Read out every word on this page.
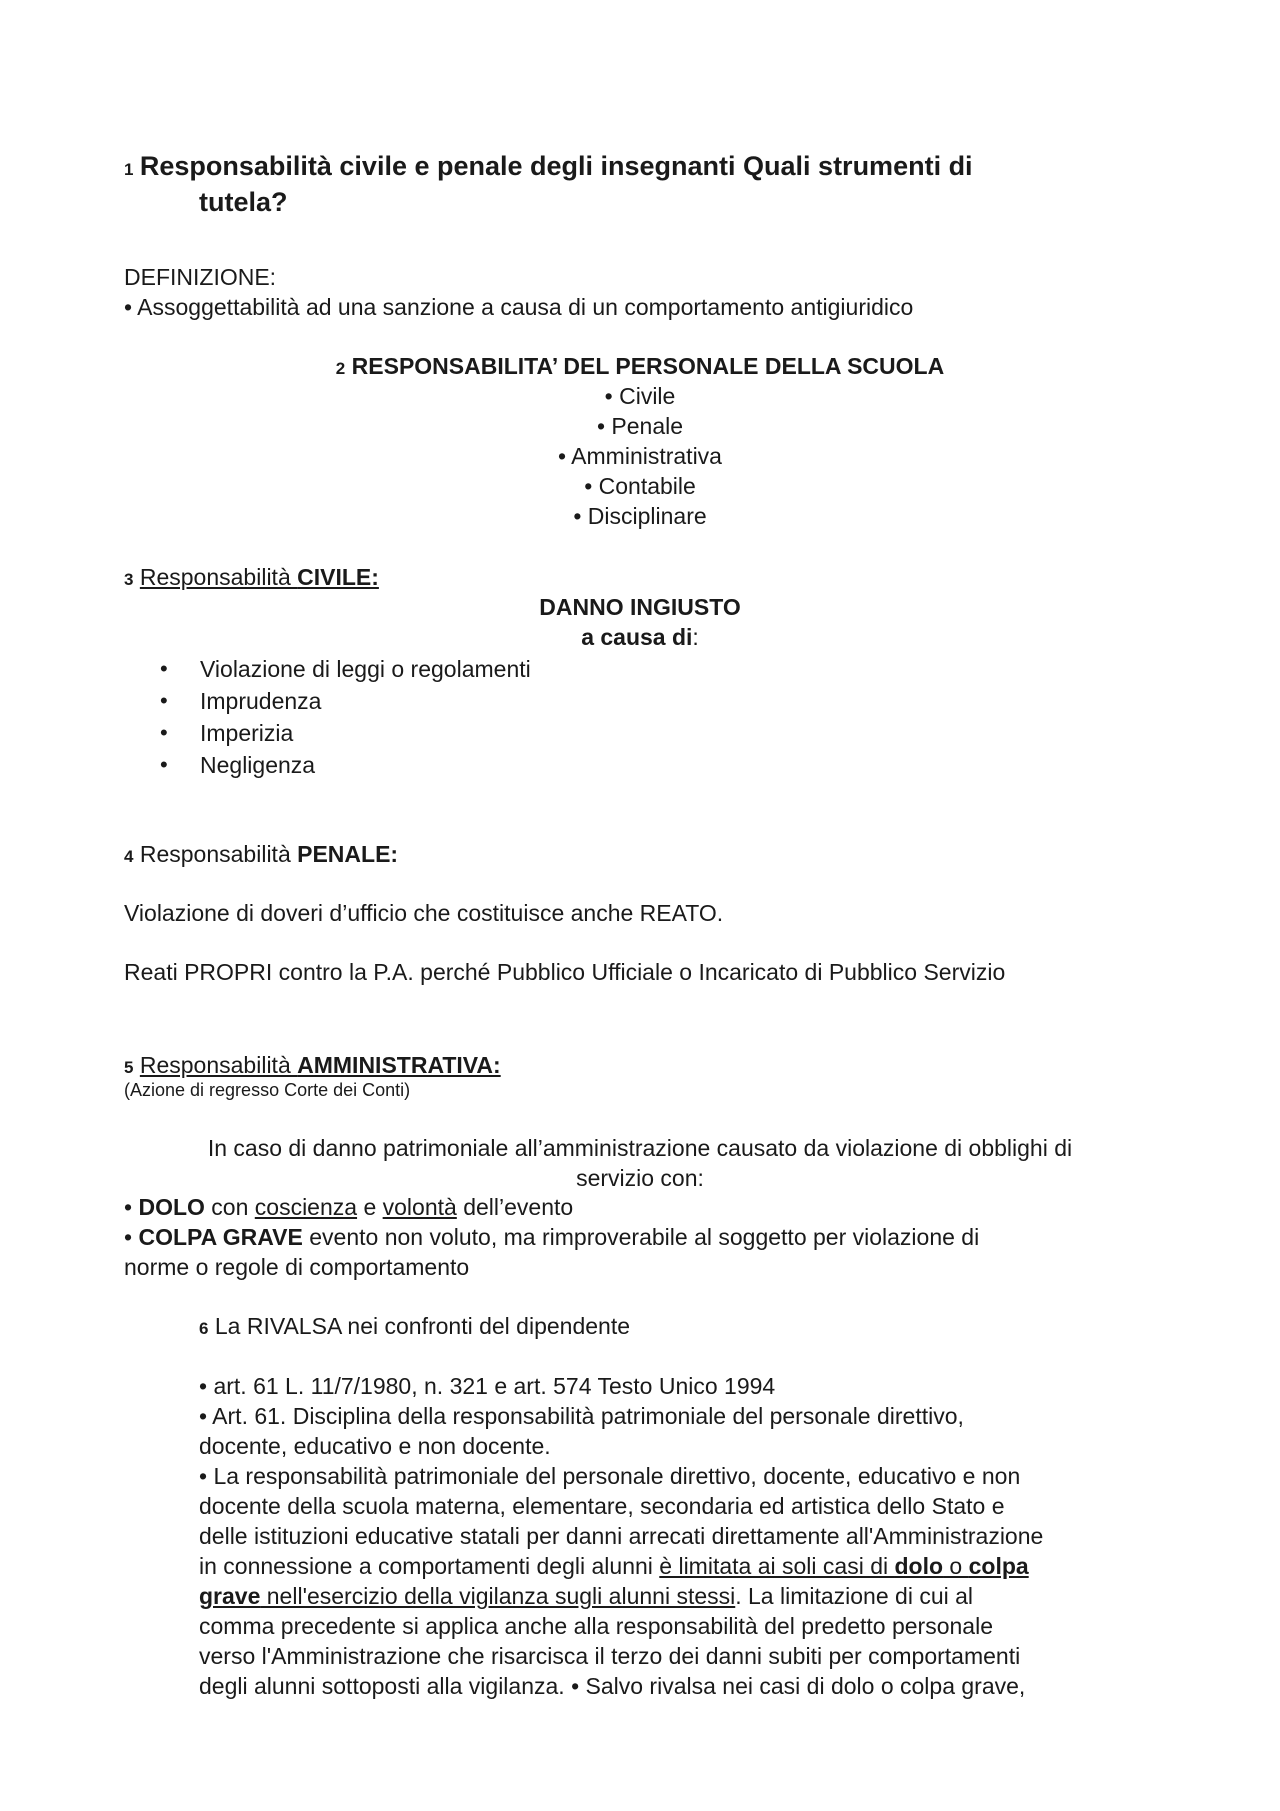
1 Responsabilità civile e penale degli insegnanti Quali strumenti di
tutela?
DEFINIZIONE:
• Assoggettabilità ad una sanzione a causa di un comportamento antigiuridico
2 RESPONSABILITA’ DEL PERSONALE DELLA SCUOLA
• Civile
• Penale
• Amministrativa
• Contabile
• Disciplinare
3 Responsabilità CIVILE:
DANNO INGIUSTO
a causa di:
• Violazione di leggi o regolamenti
• Imprudenza
• Imperizia
• Negligenza
4 Responsabilità PENALE:
Violazione di doveri d’ufficio che costituisce anche REATO.
Reati PROPRI contro la P.A. perché Pubblico Ufficiale o Incaricato di Pubblico Servizio
5 Responsabilità AMMINISTRATIVA:
(Azione di regresso Corte dei Conti)
In caso di danno patrimoniale all’amministrazione causato da violazione di obblighi di
servizio con:
• DOLO con coscienza e volontà dell’evento
• COLPA GRAVE evento non voluto, ma rimproverabile al soggetto per violazione di
norme o regole di comportamento
6 La RIVALSA nei confronti del dipendente
• art. 61 L. 11/7/1980, n. 321 e art. 574 Testo Unico 1994
• Art. 61. Disciplina della responsabilità patrimoniale del personale direttivo,
docente, educativo e non docente.
• La responsabilità patrimoniale del personale direttivo, docente, educativo e non
docente della scuola materna, elementare, secondaria ed artistica dello Stato e
delle istituzioni educative statali per danni arrecati direttamente all'Amministrazione
in connessione a comportamenti degli alunni è limitata ai soli casi di dolo o colpa
grave nell'esercizio della vigilanza sugli alunni stessi. La limitazione di cui al
comma precedente si applica anche alla responsabilità del predetto personale
verso l'Amministrazione che risarcisca il terzo dei danni subiti per comportamenti
degli alunni sottoposti alla vigilanza. • Salvo rivalsa nei casi di dolo o colpa grave,
